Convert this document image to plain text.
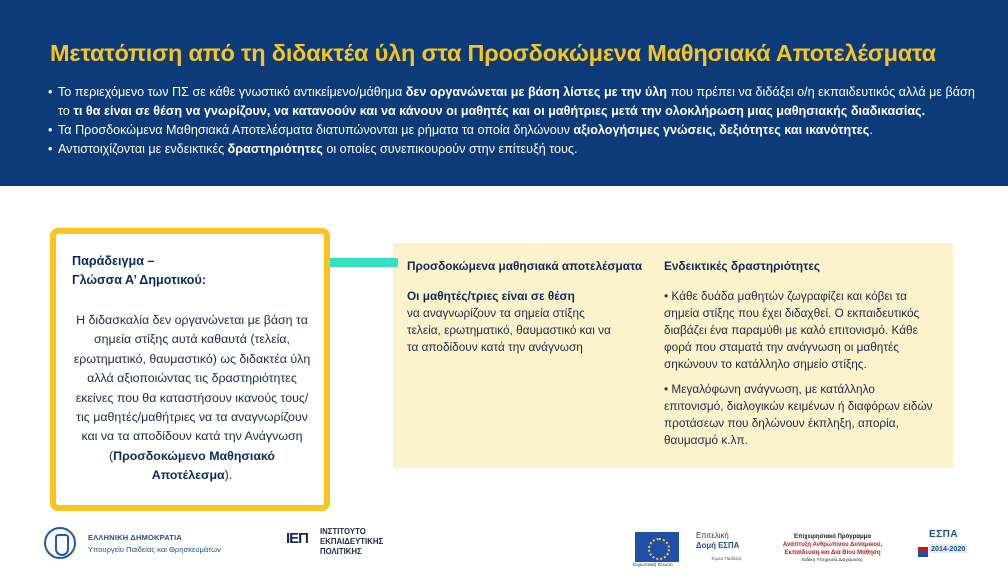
Μετατόπιση από τη διδακτέα ύλη στα Προσδοκώμενα Μαθησιακά Αποτελέσματα
• Το περιεχόμενο των ΠΣ σε κάθε γνωστικό αντικείμενο/μάθημα δεν οργανώνεται με βάση λίστες με την ύλη που πρέπει να διδάξει ο/η εκπαιδευτικός αλλά με βάση το τι θα είναι σε θέση να γνωρίζουν, να κατανοούν και να κάνουν οι μαθητές και οι μαθήτριες μετά την ολοκλήρωση μιας μαθησιακής διαδικασίας.
• Τα Προσδοκώμενα Μαθησιακά Αποτελέσματα διατυπώνονται με ρήματα τα οποία δηλώνουν αξιολογήσιμες γνώσεις, δεξιότητες και ικανότητες.
• Αντιστοιχίζονται με ενδεικτικές δραστηριότητες οι οποίες συνεπικουρούν στην επίτευξή τους.
Προσδοκώμενα μαθησιακά αποτελέσματα Ενδεικτικές δραστηριότητες
Οι μαθητές/τριες είναι σε θέση
να αναγνωρίζουν τα σημεία στίξης τελεία, ερωτηματικό, θαυμαστικό και να τα αποδίδουν κατά την ανάγνωση
• Κάθε δυάδα μαθητών ζωγραφίζει και κόβει τα σημεία στίξης που έχει διδαχθεί. Ο εκπαιδευτικός διαβάζει ένα παραμύθι με καλό επιτονισμό. Κάθε φορά που σταματά την ανάγνωση οι μαθητές σηκώνουν το κατάλληλο σημείο στίξης.
• Μεγαλόφωνη ανάγνωση, με κατάλληλο επιτονισμό, διαλογικών κειμένων ή διαφόρων ειδών προτάσεων που δηλώνουν έκπληξη, απορία, θαυμασμό κ.λπ.
Παράδειγμα –
Γλώσσα Α’ Δημοτικού:
Η διδασκαλία δεν οργανώνεται με βάση τα σημεία στίξης αυτά καθαυτά (τελεία, ερωτηματικό, θαυμαστικό) ως διδακτέα ύλη αλλά αξιοποιώντας τις δραστηριότητες εκείνες που θα καταστήσουν ικανούς τους/τις μαθητές/μαθήτριες να τα αναγνωρίζουν και να τα αποδίδουν κατά την Ανάγνωση (Προσδοκώμενο Μαθησιακό Αποτέλεσμα).
ΕΛΛΗΝΙΚΗ ΔΗΜΟΚΡΑΤΙΑ
Υπουργείο Παιδείας και Θρησκευμάτων
ΙΕΠ ΙΝΣΤΙΤΟΥΤΟ
ΕΚΠΑΙΔΕΥΤΙΚΗΣ
ΠΟΛΙΤΙΚΗΣ
Ευρωπαϊκή Ένωση
Επιτελική
Δομή ΕΣΠΑ
Τομέα Παιδείας
Επιχειρησιακό Πρόγραμμα
Ανάπτυξη Ανθρώπινου Δυναμικού,
Εκπαίδευση και Διά Βίου Μάθηση
Ειδική Υπηρεσία Διαχείρισης
ΕΣΠΑ
2014-2020
